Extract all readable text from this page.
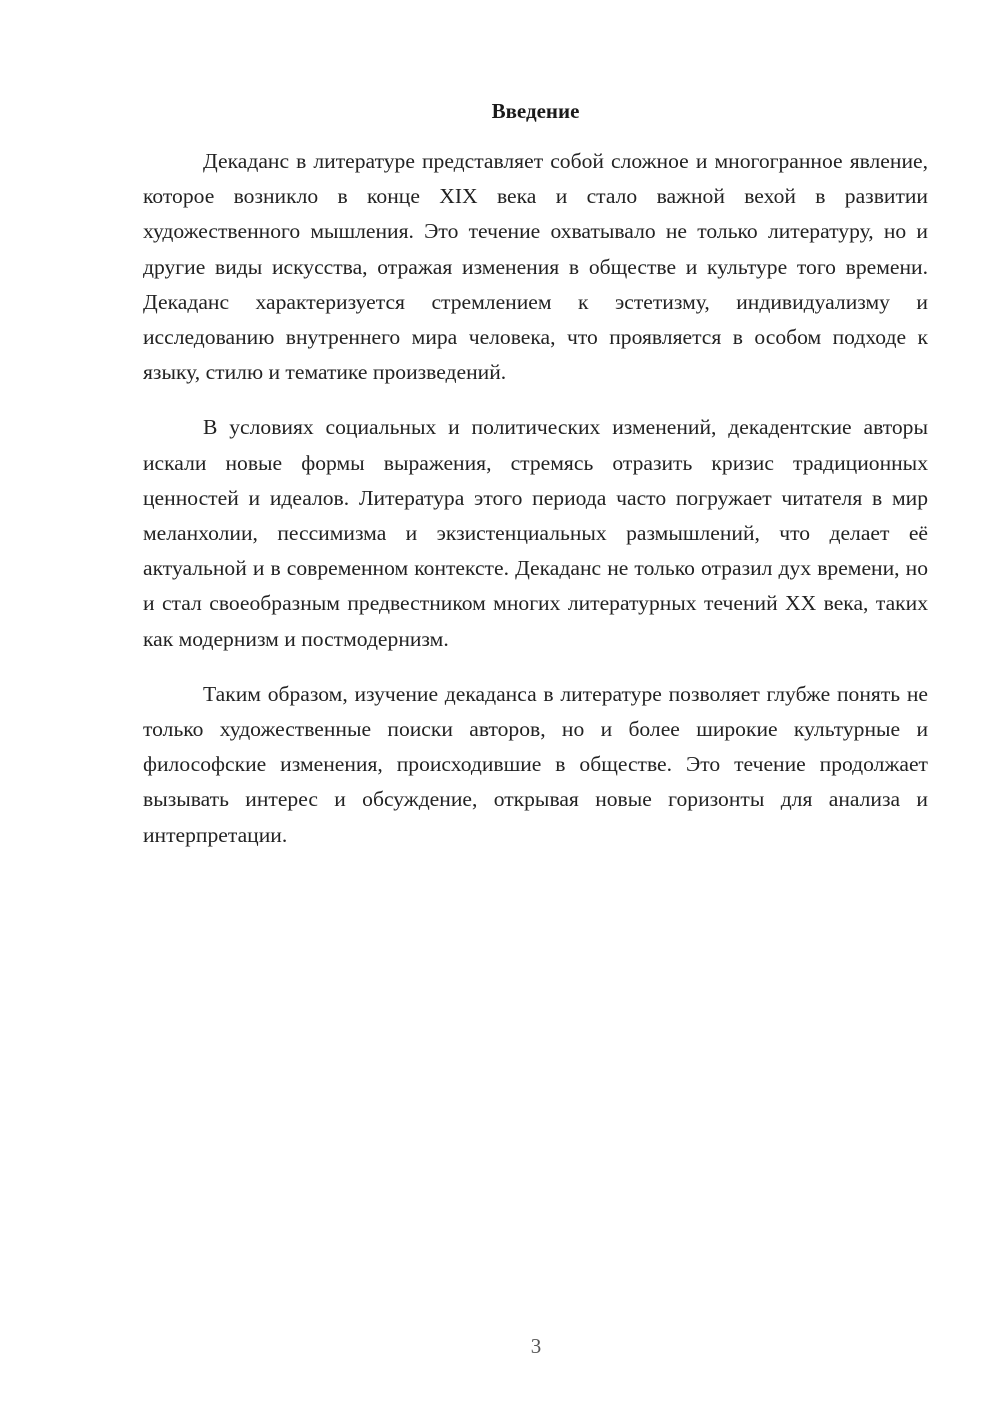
Введение

Декаданс в литературе представляет собой сложное и многогранное явление, которое возникло в конце XIX века и стало важной вехой в развитии художественного мышления. Это течение охватывало не только литературу, но и другие виды искусства, отражая изменения в обществе и культуре того времени. Декаданс характеризуется стремлением к эстетизму, индивидуализму и исследованию внутреннего мира человека, что проявляется в особом подходе к языку, стилю и тематике произведений.

В условиях социальных и политических изменений, декадентские авторы искали новые формы выражения, стремясь отразить кризис традиционных ценностей и идеалов. Литература этого периода часто погружает читателя в мир меланхолии, пессимизма и экзистенциальных размышлений, что делает её актуальной и в современном контексте. Декаданс не только отразил дух времени, но и стал своеобразным предвестником многих литературных течений XX века, таких как модернизм и постмодернизм.

Таким образом, изучение декаданса в литературе позволяет глубже понять не только художественные поиски авторов, но и более широкие культурные и философские изменения, происходившие в обществе. Это течение продолжает вызывать интерес и обсуждение, открывая новые горизонты для анализа и интерпретации.

3
